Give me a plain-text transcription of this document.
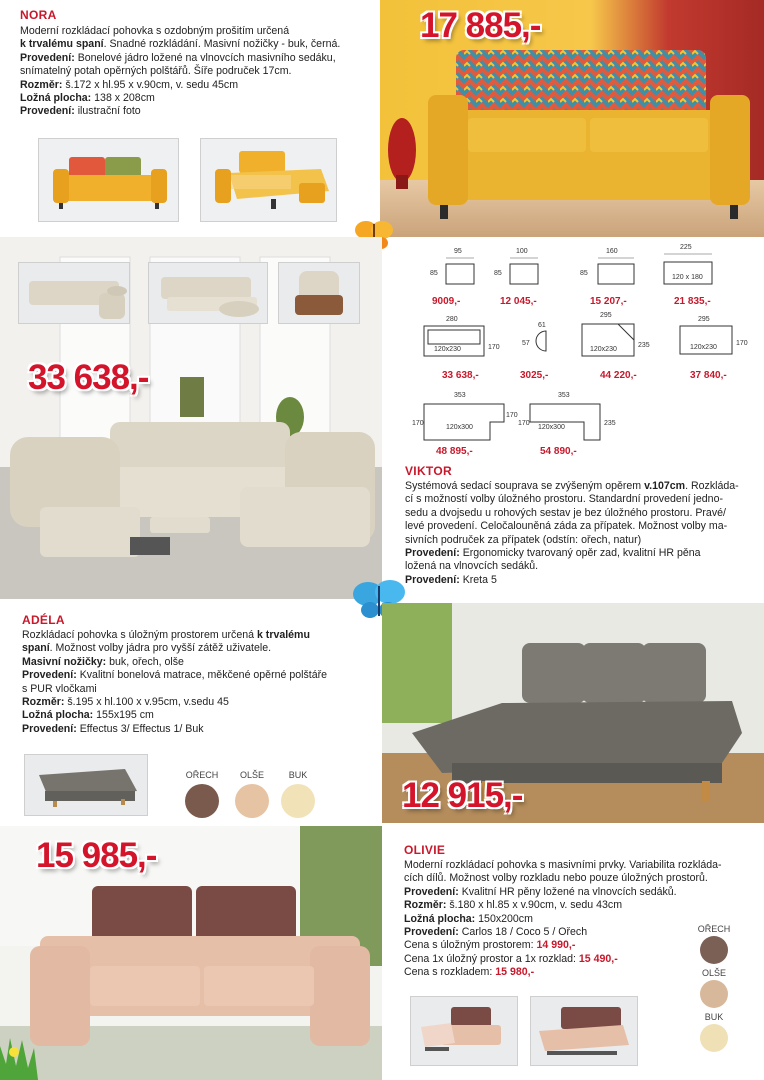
NORA
Moderní rozkládací pohovka s ozdobným prošitím určená
k trvalému spaní. Snadné rozkládání. Masivní nožičky - buk, černá.
Provedení: Bonelové jádro ložené na vlnovcích masivního sedáku,
snímatelný potah opěrných polštářů. Šíře područek 17cm.
Rozměr: š.172 x hl.95 x v.90cm, v. sedu 45cm
Ložná plocha: 138 x 208cm
Provedení: ilustrační foto
17 885,-
33 638,-
95
85
9009,-
100
85
12 045,-
160
85
15 207,-
225
120 x 180
21 835,-
280
170
120x230
33 638,-
61
57
3025,-
295
235
120x230
44 220,-
295
170
120x230
37 840,-
353
170
170
120x300
48 895,-
353
170	235
120x300
54 890,-
VIKTOR
Systémová sedací souprava se zvýšeným opěrem v.107cm. Rozkláda-
cí s možností volby úložného prostoru. Standardní provedení jedno-
sedu a dvojsedu u rohových sestav je bez úložného prostoru. Pravé/
levé provedení. Celočalouněná záda za přípatek. Možnost volby ma-
sivních područek za přípatek (odstín: ořech, natur)
Provedení: Ergonomicky tvarovaný opěr zad, kvalitní HR pěna
ložená na vlnovcích sedáků.
Provedení: Kreta 5
ADÉLA
Rozkládací pohovka s úložným prostorem určená k trvalému
spaní. Možnost volby jádra pro vyšší zátěž uživatele.
Masivní nožičky: buk, ořech, olše
Provedení: Kvalitní bonelová matrace, měkčené opěrné polštáře
s PUR vločkami
Rozměr: š.195 x hl.100 x v.95cm, v.sedu 45
Ložná plocha: 155x195 cm
Provedení: Effectus 3/ Effectus 1/ Buk
OŘECH	OLŠE	BUK
12 915,-
15 985,-	OLIVIE
Moderní rozkládací pohovka s masivními prvky. Variabilita rozkláda-
cích dílů. Možnost volby rozkladu nebo pouze úložných prostorů.
Provedení: Kvalitní HR pěny ložené na vlnovcích sedáků.
Rozměr: š.180 x hl.85 x v.90cm, v. sedu 43cm
Ložná plocha: 150x200cm
Provedení: Carlos 18 / Coco 5 / Ořech
Cena s úložným prostorem: 14 990,-
Cena 1x úložný prostor a 1x rozklad: 15 490,-
Cena s rozkladem: 15 980,-
OŘECH
OLŠE
BUK
